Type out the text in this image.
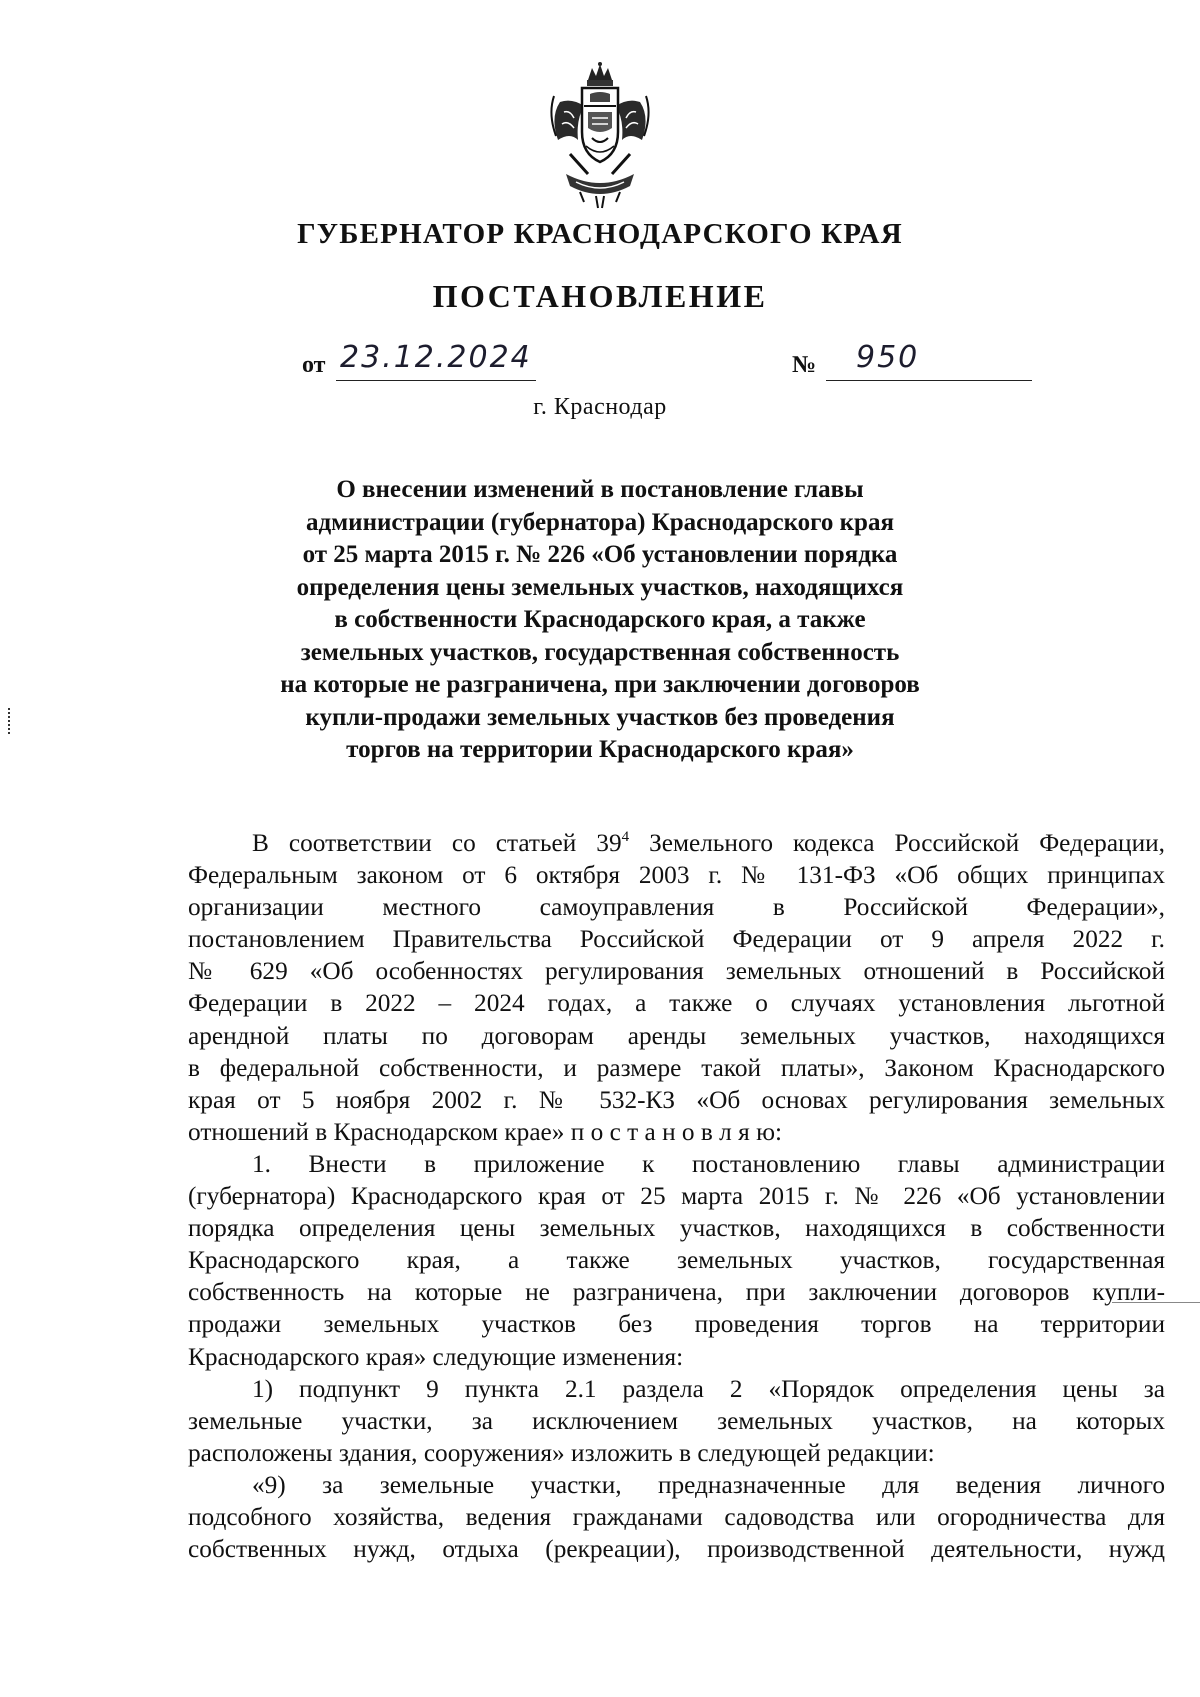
ГУБЕРНАТОР КРАСНОДАРСКОГО КРАЯ
ПОСТАНОВЛЕНИЕ
от 23.12.2024	№ 950
г. Краснодар
О внесении изменений в постановление главы
администрации (губернатора) Краснодарского края
от 25 марта 2015 г. № 226 «Об установлении порядка
определения цены земельных участков, находящихся
в собственности Краснодарского края, а также
земельных участков, государственная собственность
на которые не разграничена, при заключении договоров
купли-продажи земельных участков без проведения
торгов на территории Краснодарского края»
В соответствии со статьей $39^4$ Земельного кодекса Российской Федерации,
Федеральным законом от 6 октября 2003 г. № 131-ФЗ «Об общих принципах
организации местного самоуправления в Российской Федерации»,
постановлением Правительства Российской Федерации от 9 апреля 2022 г.
№ 629 «Об особенностях регулирования земельных отношений в Российской
Федерации в 2022 – 2024 годах, а также о случаях установления льготной
арендной платы по договорам аренды земельных участков, находящихся
в федеральной собственности, и размере такой платы», Законом Краснодарского
края от 5 ноября 2002 г. № 532-КЗ «Об основах регулирования земельных
отношений в Краснодарском крае» п о с т а н о в л я ю:
1. Внести в приложение к постановлению главы администрации
(губернатора) Краснодарского края от 25 марта 2015 г. № 226 «Об установлении
порядка определения цены земельных участков, находящихся в собственности
Краснодарского края, а также земельных участков, государственная
собственность на которые не разграничена, при заключении договоров купли-
продажи земельных участков без проведения торгов на территории
Краснодарского края» следующие изменения:
1) подпункт 9 пункта 2.1 раздела 2 «Порядок определения цены за
земельные участки, за исключением земельных участков, на которых
расположены здания, сооружения» изложить в следующей редакции:
«9) за земельные участки, предназначенные для ведения личного
подсобного хозяйства, ведения гражданами садоводства или огородничества для
собственных нужд, отдыха (рекреации), производственной деятельности, нужд
